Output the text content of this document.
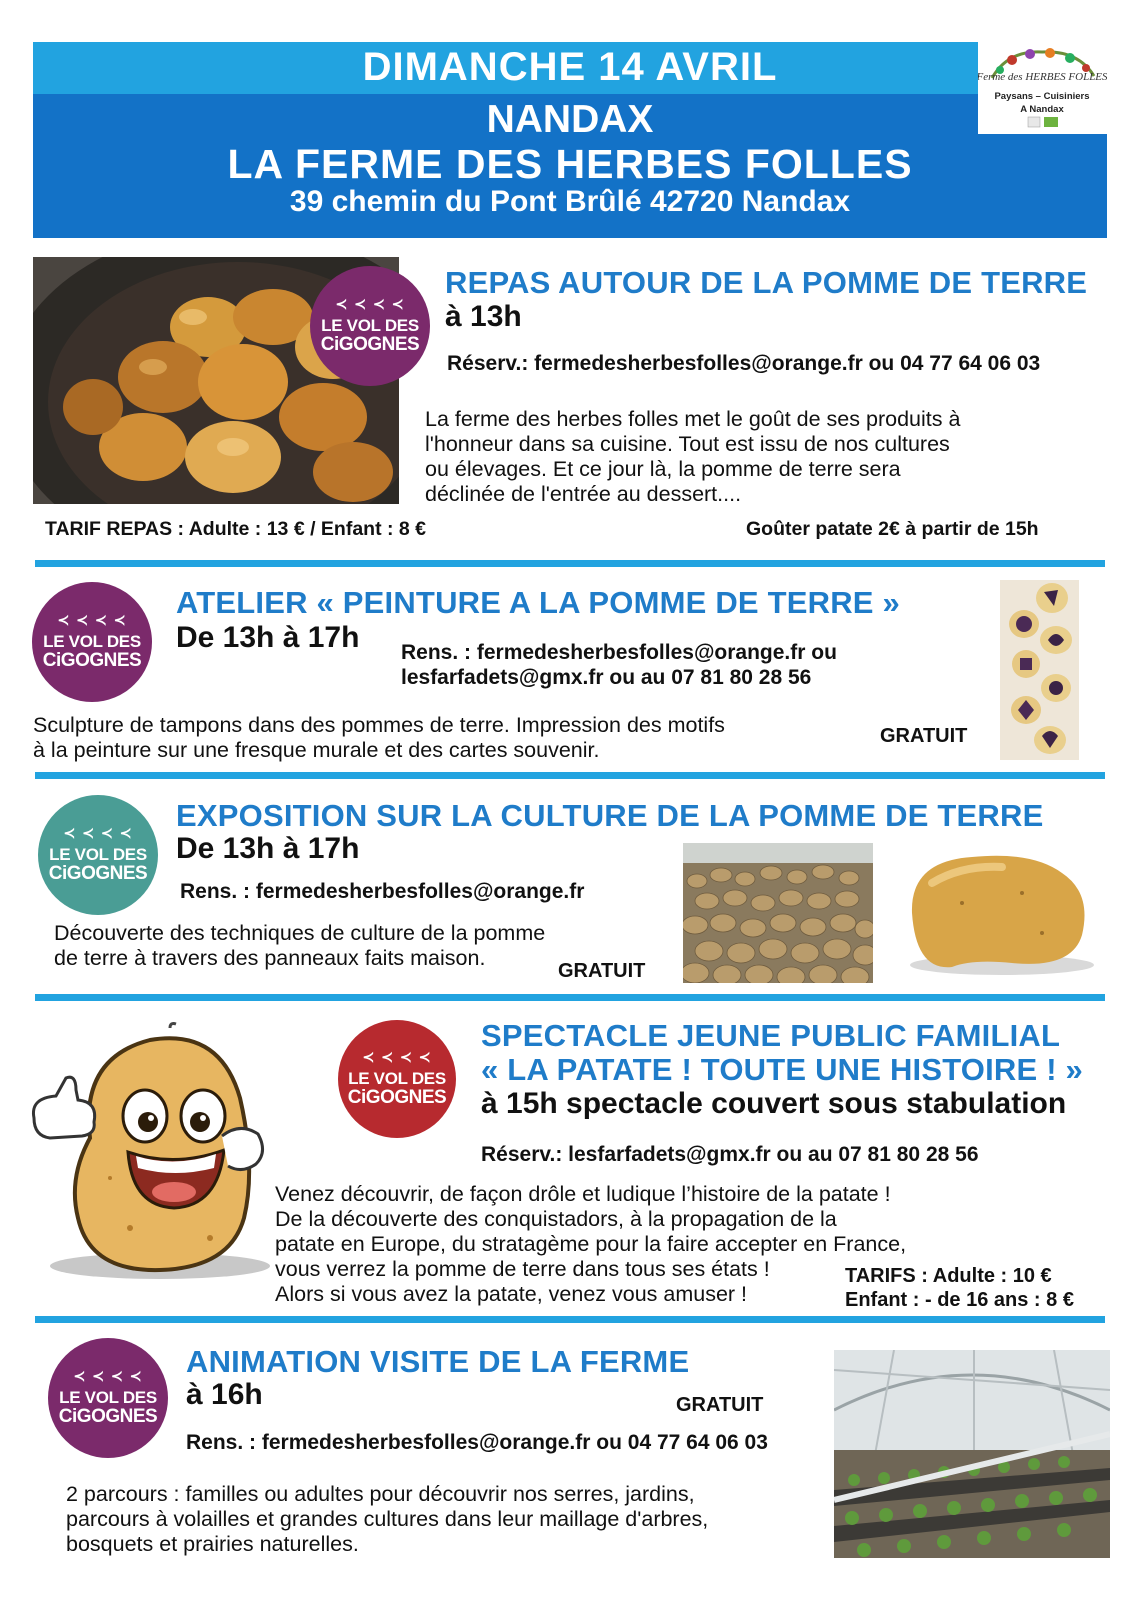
DIMANCHE 14 AVRIL
NANDAX
LA FERME DES HERBES FOLLES
39 chemin du Pont Brûlé 42720 Nandax
Ferme des HERBES FOLLES
Paysans – Cuisiniers
A Nandax
≺ ≺ ≺ ≺
LE VOL DES
CiGOGNES
REPAS AUTOUR DE LA POMME DE TERRE
à 13h
Réserv.: fermedesherbesfolles@orange.fr ou 04 77 64 06 03
La ferme des herbes folles met le goût de ses produits à
l'honneur dans sa cuisine. Tout est issu de nos cultures
ou élevages. Et ce jour là, la pomme de terre sera
déclinée de l'entrée au dessert....
TARIF REPAS : Adulte : 13 € / Enfant : 8 €	Goûter patate 2€ à partir de 15h
≺ ≺ ≺ ≺
LE VOL DES
CiGOGNES
ATELIER « PEINTURE A LA POMME DE TERRE »
De 13h à 17h Rens. : fermedesherbesfolles@orange.fr ou
lesfarfadets@gmx.fr ou au 07 81 80 28 56
Sculpture de tampons dans des pommes de terre. Impression des motifs
à la peinture sur une fresque murale et des cartes souvenir.
GRATUIT
≺ ≺ ≺ ≺
LE VOL DES
CiGOGNES
EXPOSITION SUR LA CULTURE DE LA POMME DE TERRE
De 13h à 17h
Rens. : fermedesherbesfolles@orange.fr
Découverte des techniques de culture de la pomme
de terre à travers des panneaux faits maison.
GRATUIT
≺ ≺ ≺ ≺
LE VOL DES
CiGOGNES
SPECTACLE JEUNE PUBLIC FAMILIAL
« LA PATATE ! TOUTE UNE HISTOIRE ! »
à 15h spectacle couvert sous stabulation
Réserv.: lesfarfadets@gmx.fr ou au 07 81 80 28 56
Venez découvrir, de façon drôle et ludique l’histoire de la patate !
De la découverte des conquistadors, à la propagation de la
patate en Europe, du stratagème pour la faire accepter en France,
vous verrez la pomme de terre dans tous ses états !
Alors si vous avez la patate, venez vous amuser !
TARIFS : Adulte : 10 €
Enfant : - de 16 ans : 8 €
≺ ≺ ≺ ≺
LE VOL DES
CiGOGNES
ANIMATION VISITE DE LA FERME
à 16h	GRATUIT
Rens. : fermedesherbesfolles@orange.fr ou 04 77 64 06 03
2 parcours : familles ou adultes pour découvrir nos serres, jardins,
parcours à volailles et grandes cultures dans leur maillage d'arbres,
bosquets et prairies naturelles.
